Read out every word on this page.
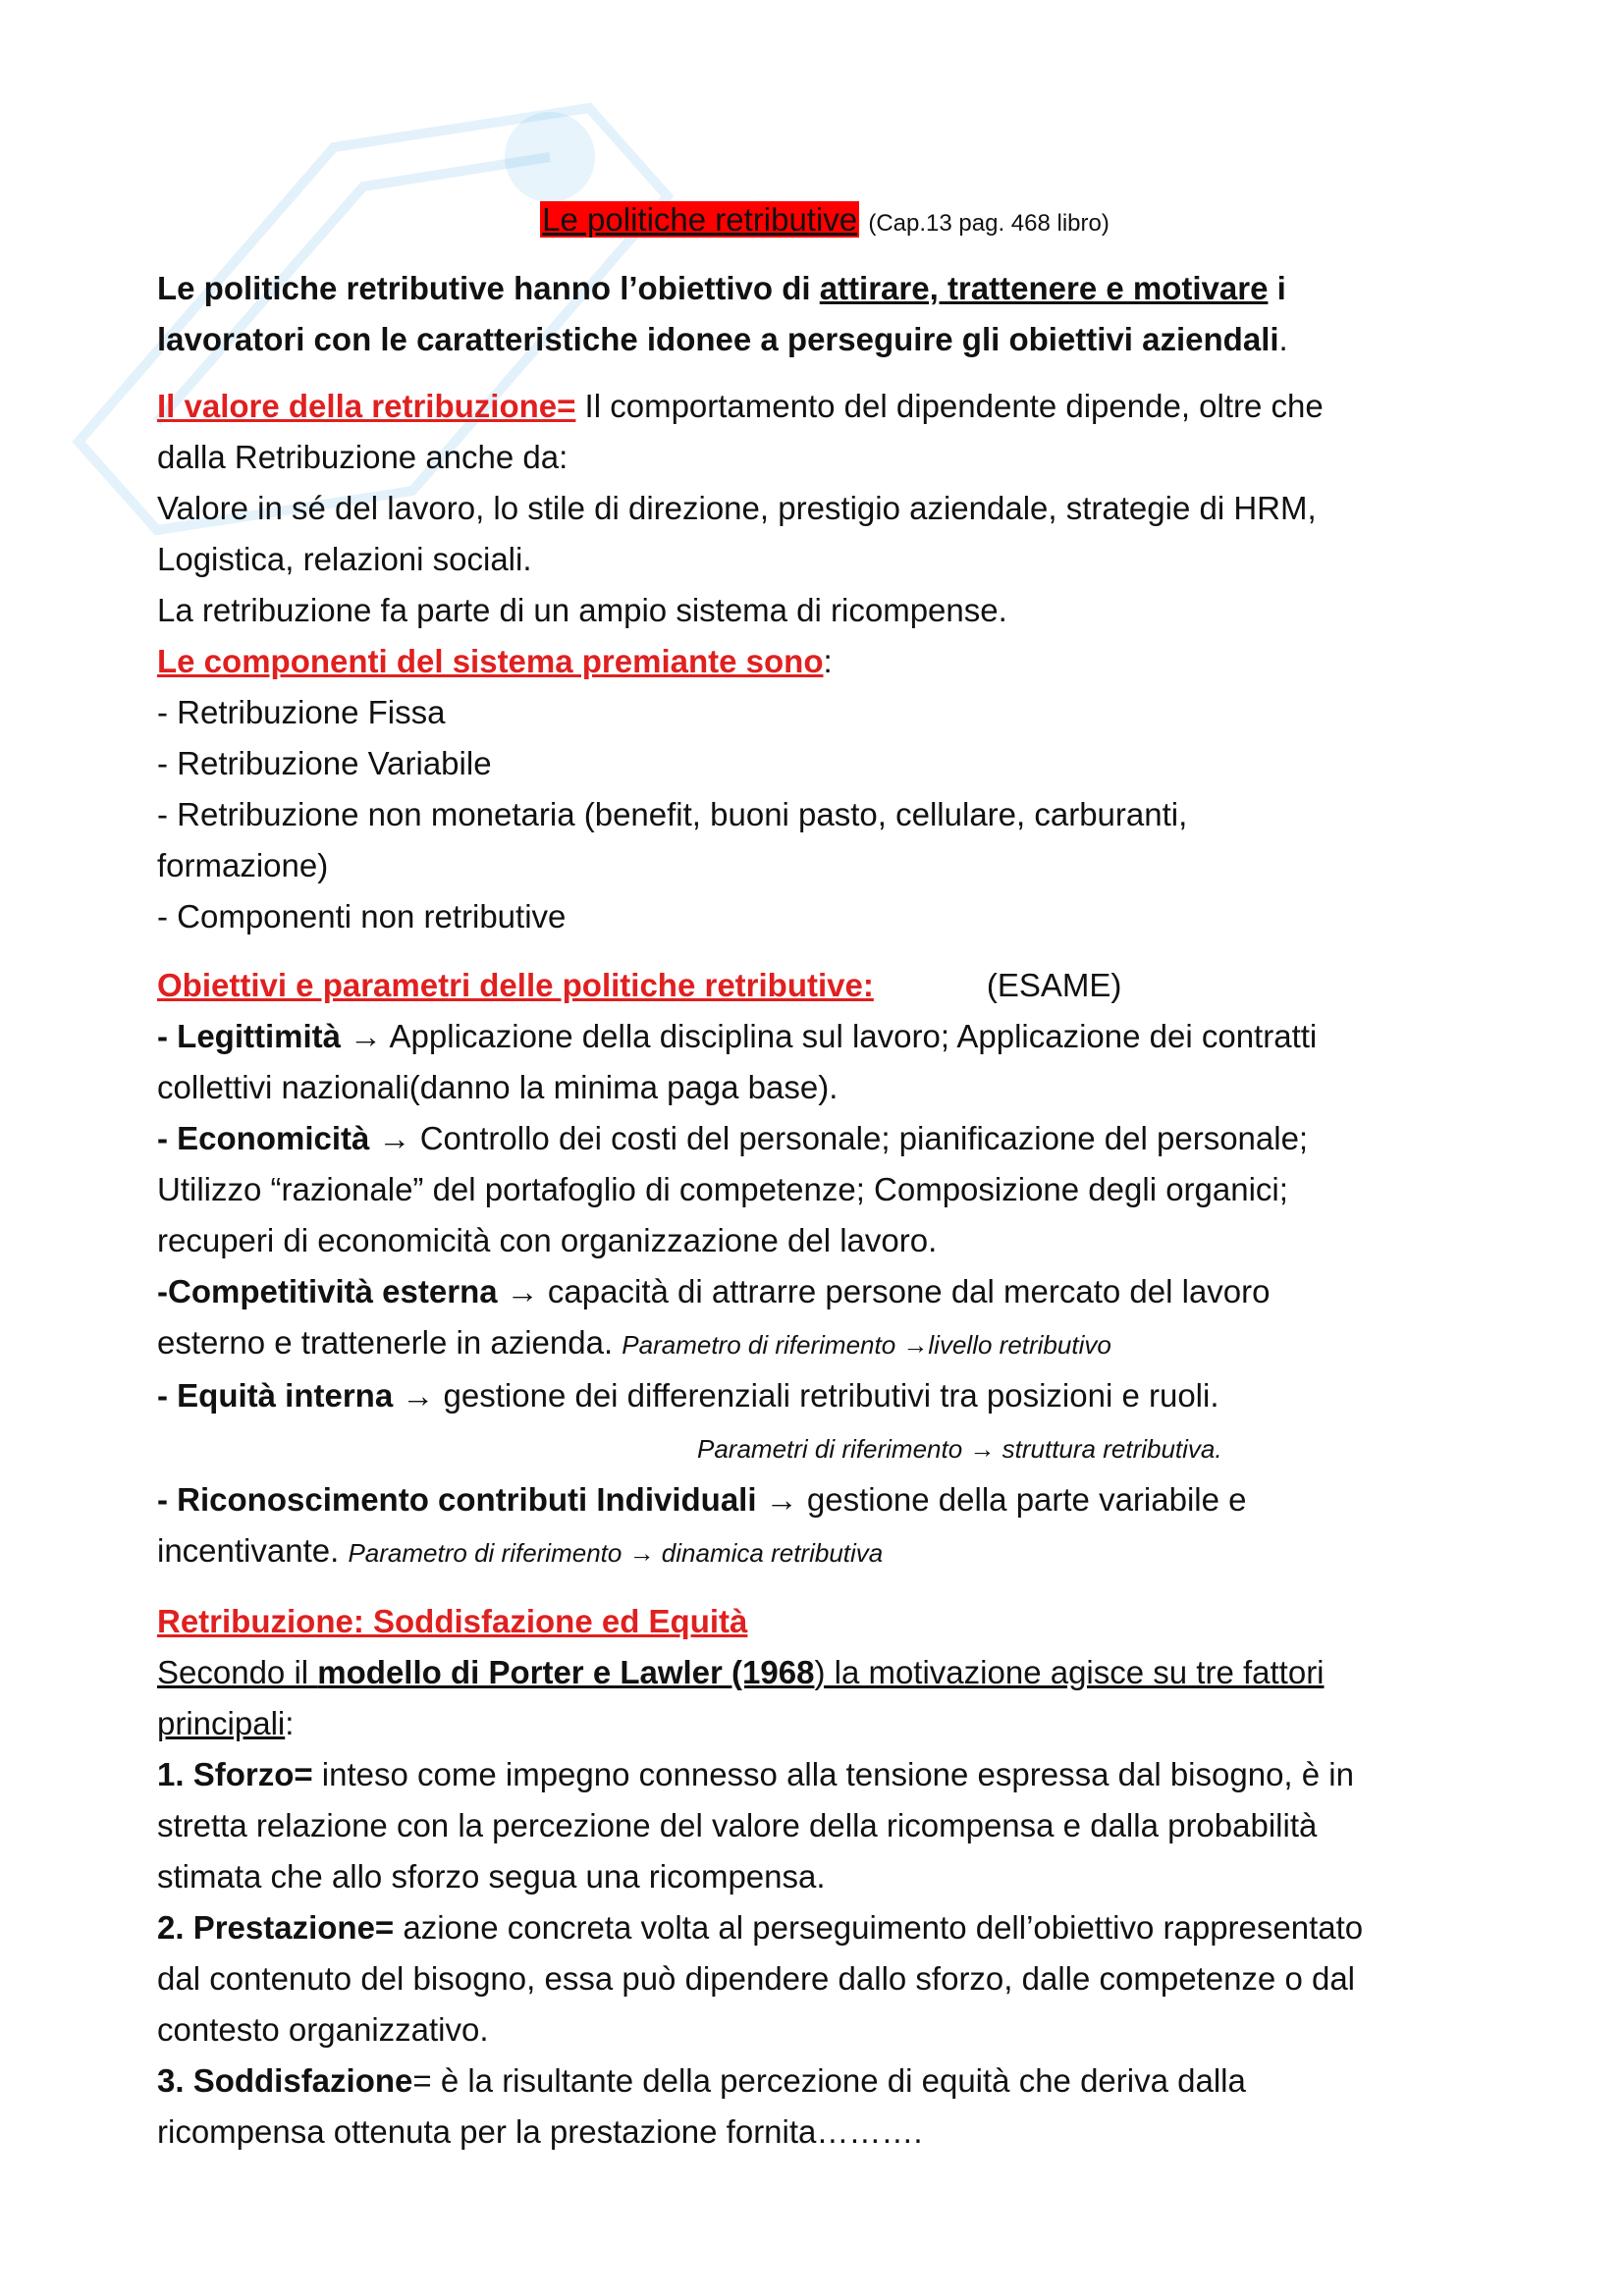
Le politiche retributive (Cap.13 pag. 468 libro)
Le politiche retributive hanno l’obiettivo di attirare, trattenere e motivare i
lavoratori con le caratteristiche idonee a perseguire gli obiettivi aziendali.
Il valore della retribuzione= Il comportamento del dipendente dipende, oltre che
dalla Retribuzione anche da:
Valore in sé del lavoro, lo stile di direzione, prestigio aziendale, strategie di HRM,
Logistica, relazioni sociali.
La retribuzione fa parte di un ampio sistema di ricompense.
Le componenti del sistema premiante sono:
- Retribuzione Fissa
- Retribuzione Variabile
- Retribuzione non monetaria (benefit, buoni pasto, cellulare, carburanti,
formazione)
- Componenti non retributive
Obiettivi e parametri delle politiche retributive:	(ESAME)
- Legittimità → Applicazione della disciplina sul lavoro; Applicazione dei contratti
collettivi nazionali(danno la minima paga base).
- Economicità → Controllo dei costi del personale; pianificazione del personale;
Utilizzo “razionale” del portafoglio di competenze; Composizione degli organici;
recuperi di economicità con organizzazione del lavoro.
-Competitività esterna → capacità di attrarre persone dal mercato del lavoro
esterno e trattenerle in azienda. Parametro di riferimento →livello retributivo
- Equità interna → gestione dei differenziali retributivi tra posizioni e ruoli.
Parametri di riferimento → struttura retributiva.
- Riconoscimento contributi Individuali → gestione della parte variabile e
incentivante. Parametro di riferimento → dinamica retributiva
Retribuzione: Soddisfazione ed Equità
Secondo il modello di Porter e Lawler (1968) la motivazione agisce su tre fattori
principali:
1. Sforzo= inteso come impegno connesso alla tensione espressa dal bisogno, è in
stretta relazione con la percezione del valore della ricompensa e dalla probabilità
stimata che allo sforzo segua una ricompensa.
2. Prestazione= azione concreta volta al perseguimento dell’obiettivo rappresentato
dal contenuto del bisogno, essa può dipendere dallo sforzo, dalle competenze o dal
contesto organizzativo.
3. Soddisfazione= è la risultante della percezione di equità che deriva dalla
ricompensa ottenuta per la prestazione fornita……….
